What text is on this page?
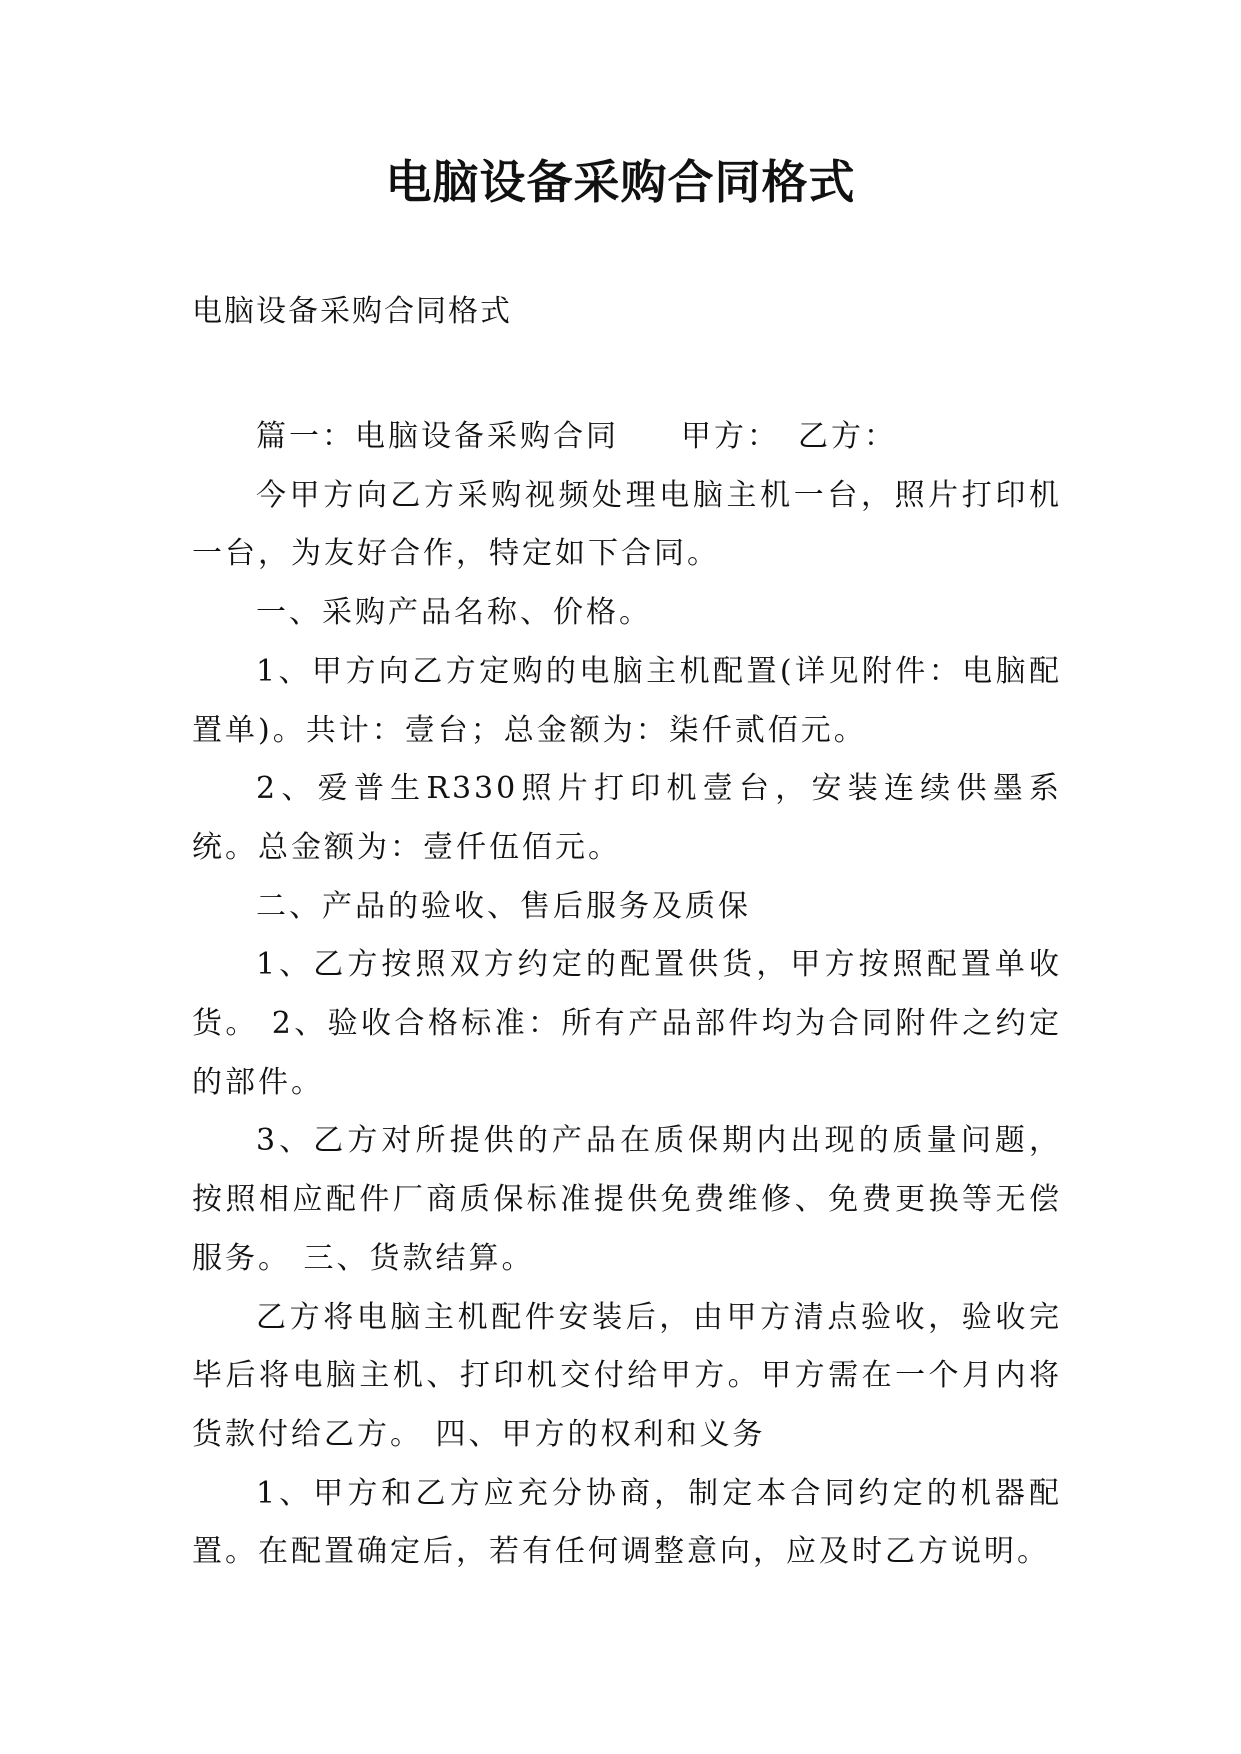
电脑设备采购合同格式
电脑设备采购合同格式

篇一：电脑设备采购合同 甲方： 乙方：

今甲方向乙方采购视频处理电脑主机一台，照片打印机一台，为友好合作，特定如下合同。

一、采购产品名称、价格。

1、甲方向乙方定购的电脑主机配置(详见附件：电脑配置单)。共计：壹台；总金额为：柒仟贰佰元。

2、爱普生R330照片打印机壹台，安装连续供墨系统。总金额为：壹仟伍佰元。

二、产品的验收、售后服务及质保

1、乙方按照双方约定的配置供货，甲方按照配置单收货。 2、验收合格标准：所有产品部件均为合同附件之约定的部件。

3、乙方对所提供的产品在质保期内出现的质量问题，按照相应配件厂商质保标准提供免费维修、免费更换等无偿服务。 三、货款结算。

乙方将电脑主机配件安装后，由甲方清点验收，验收完毕后将电脑主机、打印机交付给甲方。甲方需在一个月内将货款付给乙方。 四、甲方的权利和义务

1、甲方和乙方应充分协商，制定本合同约定的机器配置。在配置确定后，若有任何调整意向，应及时乙方说明。
